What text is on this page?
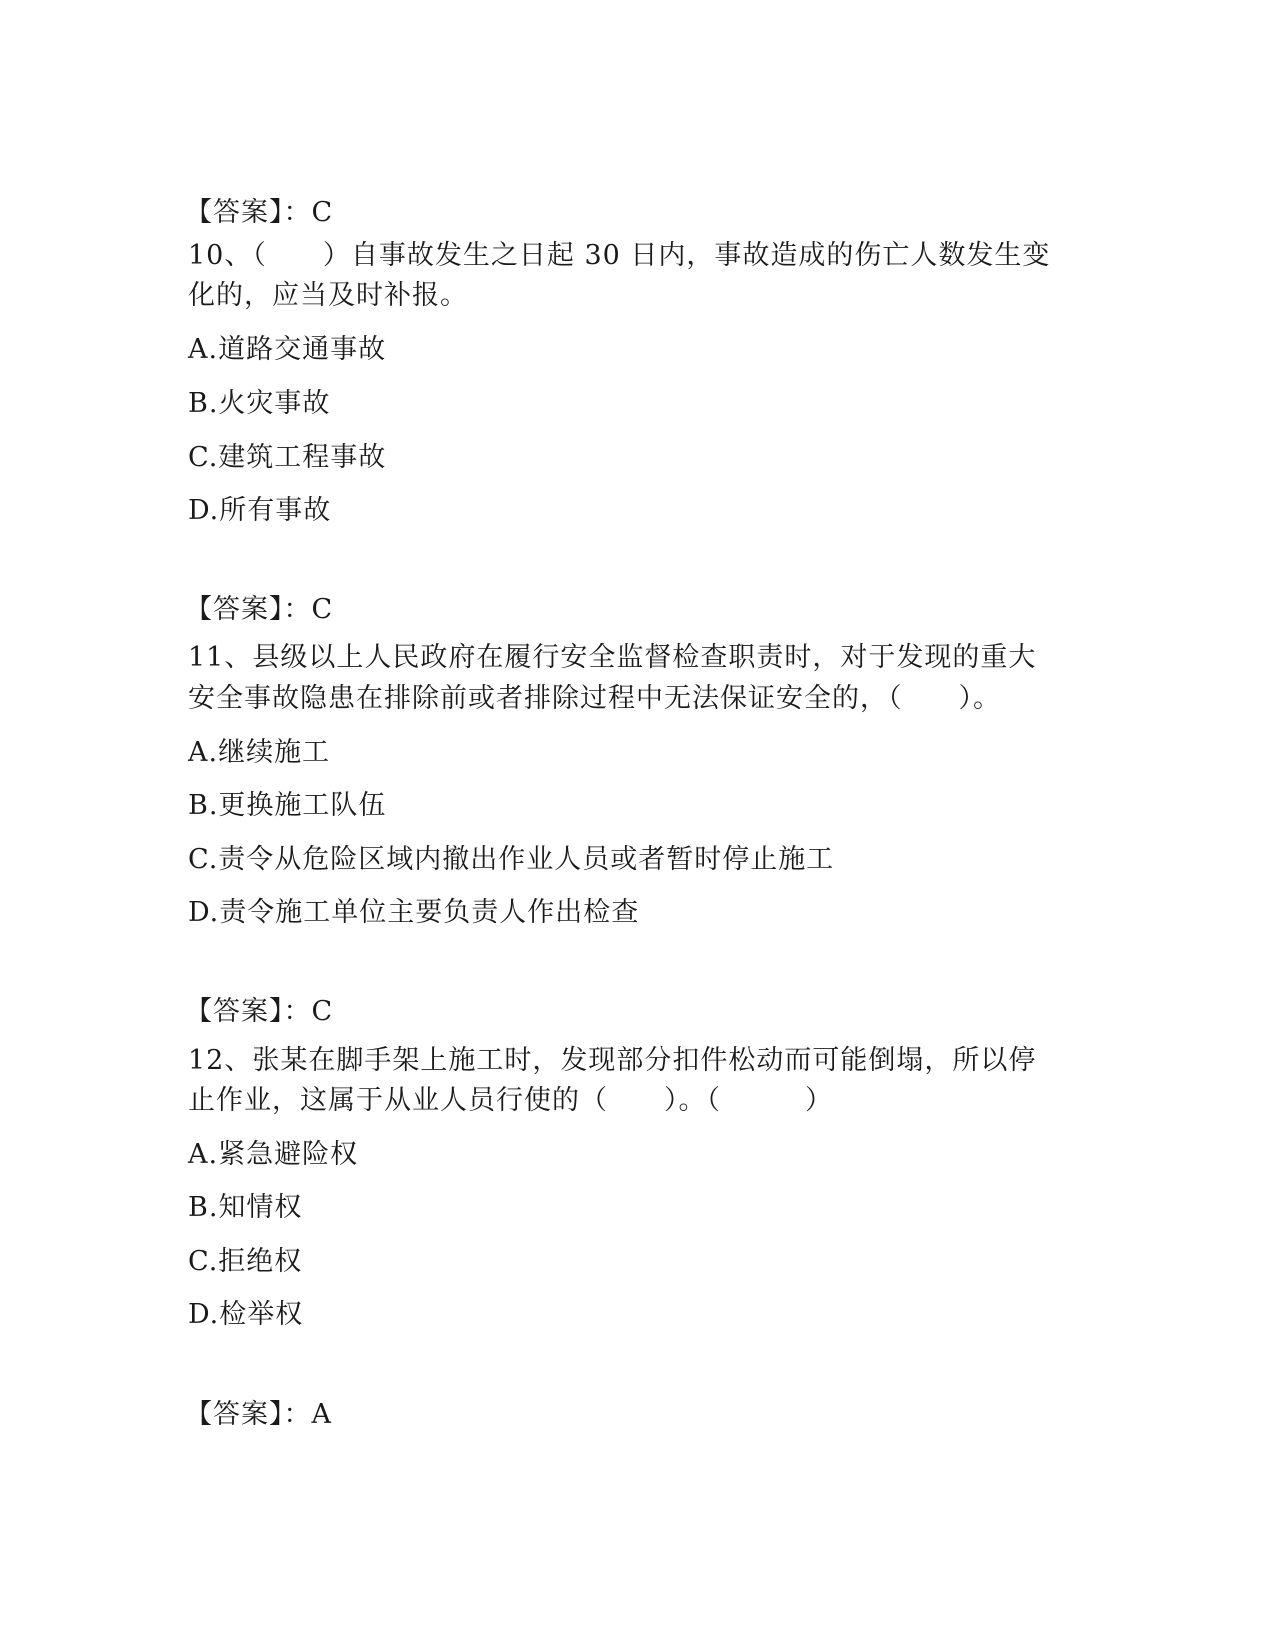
【答案】：C
10、（　　）自事故发生之日起 30 日内，事故造成的伤亡人数发生变
化的，应当及时补报。
A.道路交通事故
B.火灾事故
C.建筑工程事故
D.所有事故
【答案】：C
11、县级以上人民政府在履行安全监督检查职责时，对于发现的重大
安全事故隐患在排除前或者排除过程中无法保证安全的，（　　）。
A.继续施工
B.更换施工队伍
C.责令从危险区域内撤出作业人员或者暂时停止施工
D.责令施工单位主要负责人作出检查
【答案】：C
12、张某在脚手架上施工时，发现部分扣件松动而可能倒塌，所以停
止作业，这属于从业人员行使的（　　）。（　　　）
A.紧急避险权
B.知情权
C.拒绝权
D.检举权
【答案】：A
